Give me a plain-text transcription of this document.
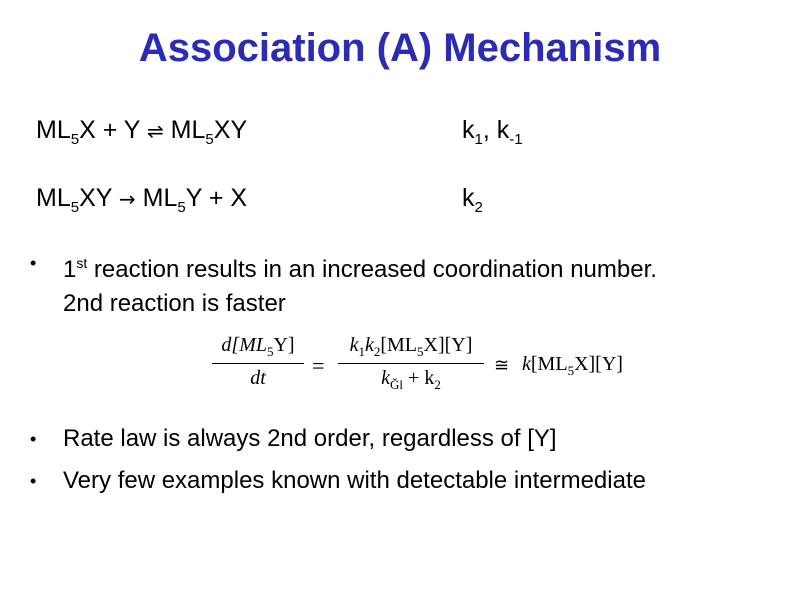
Association (A) Mechanism
$ML_5X + Y$ ⇌ $ML_5XY$	$k_1$, $k_{-1}$
$ML_5XY \to ML_5Y + X$	$k_2$
• 1st reaction results in an increased coordination number.
2nd reaction is faster
$d[ML_5Y]$
dt	=
$k_1k_2[ML_5X][Y]$
$k_{Ğl} + k_2$
≅ $k[ML_5X][Y]$
• Rate law is always 2nd order, regardless of [Y]
• Very few examples known with detectable intermediate
